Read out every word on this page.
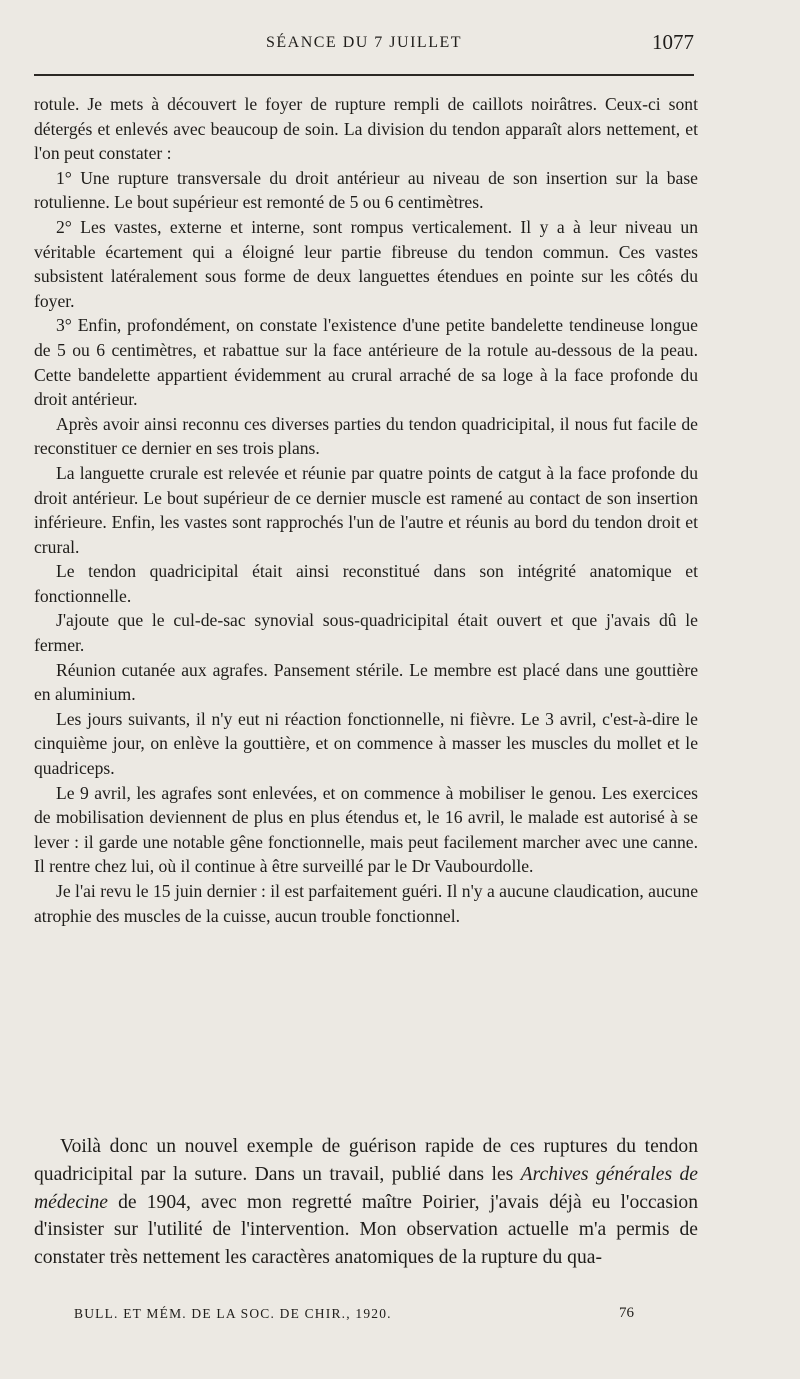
SÉANCE DU 7 JUILLET	1077

rotule. Je mets à découvert le foyer de rupture rempli de caillots noirâtres. Ceux-ci sont détergés et enlevés avec beaucoup de soin. La division du tendon apparaît alors nettement, et l'on peut constater :

1° Une rupture transversale du droit antérieur au niveau de son insertion sur la base rotulienne. Le bout supérieur est remonté de 5 ou 6 centimètres.

2° Les vastes, externe et interne, sont rompus verticalement. Il y a à leur niveau un véritable écartement qui a éloigné leur partie fibreuse du tendon commun. Ces vastes subsistent latéralement sous forme de deux languettes étendues en pointe sur les côtés du foyer.

3° Enfin, profondément, on constate l'existence d'une petite bandelette tendineuse longue de 5 ou 6 centimètres, et rabattue sur la face antérieure de la rotule au-dessous de la peau. Cette bandelette appartient évidemment au crural arraché de sa loge à la face profonde du droit antérieur.

Après avoir ainsi reconnu ces diverses parties du tendon quadricipital, il nous fut facile de reconstituer ce dernier en ses trois plans.

La languette crurale est relevée et réunie par quatre points de catgut à la face profonde du droit antérieur. Le bout supérieur de ce dernier muscle est ramené au contact de son insertion inférieure. Enfin, les vastes sont rapprochés l'un de l'autre et réunis au bord du tendon droit et crural.

Le tendon quadricipital était ainsi reconstitué dans son intégrité anatomique et fonctionnelle.

J'ajoute que le cul-de-sac synovial sous-quadricipital était ouvert et que j'avais dû le fermer.

Réunion cutanée aux agrafes. Pansement stérile. Le membre est placé dans une gouttière en aluminium.

Les jours suivants, il n'y eut ni réaction fonctionnelle, ni fièvre. Le 3 avril, c'est-à-dire le cinquième jour, on enlève la gouttière, et on commence à masser les muscles du mollet et le quadriceps.

Le 9 avril, les agrafes sont enlevées, et on commence à mobiliser le genou. Les exercices de mobilisation deviennent de plus en plus étendus et, le 16 avril, le malade est autorisé à se lever : il garde une notable gêne fonctionnelle, mais peut facilement marcher avec une canne. Il rentre chez lui, où il continue à être surveillé par le Dr Vaubourdolle.

Je l'ai revu le 15 juin dernier : il est parfaitement guéri. Il n'y a aucune claudication, aucune atrophie des muscles de la cuisse, aucun trouble fonctionnel.

Voilà donc un nouvel exemple de guérison rapide de ces ruptures du tendon quadricipital par la suture. Dans un travail, publié dans les Archives générales de médecine de 1904, avec mon regretté maître Poirier, j'avais déjà eu l'occasion d'insister sur l'utilité de l'intervention. Mon observation actuelle m'a permis de constater très nettement les caractères anatomiques de la rupture du qua-

BULL. ET MÉM. DE LA SOC. DE CHIR., 1920.	76
